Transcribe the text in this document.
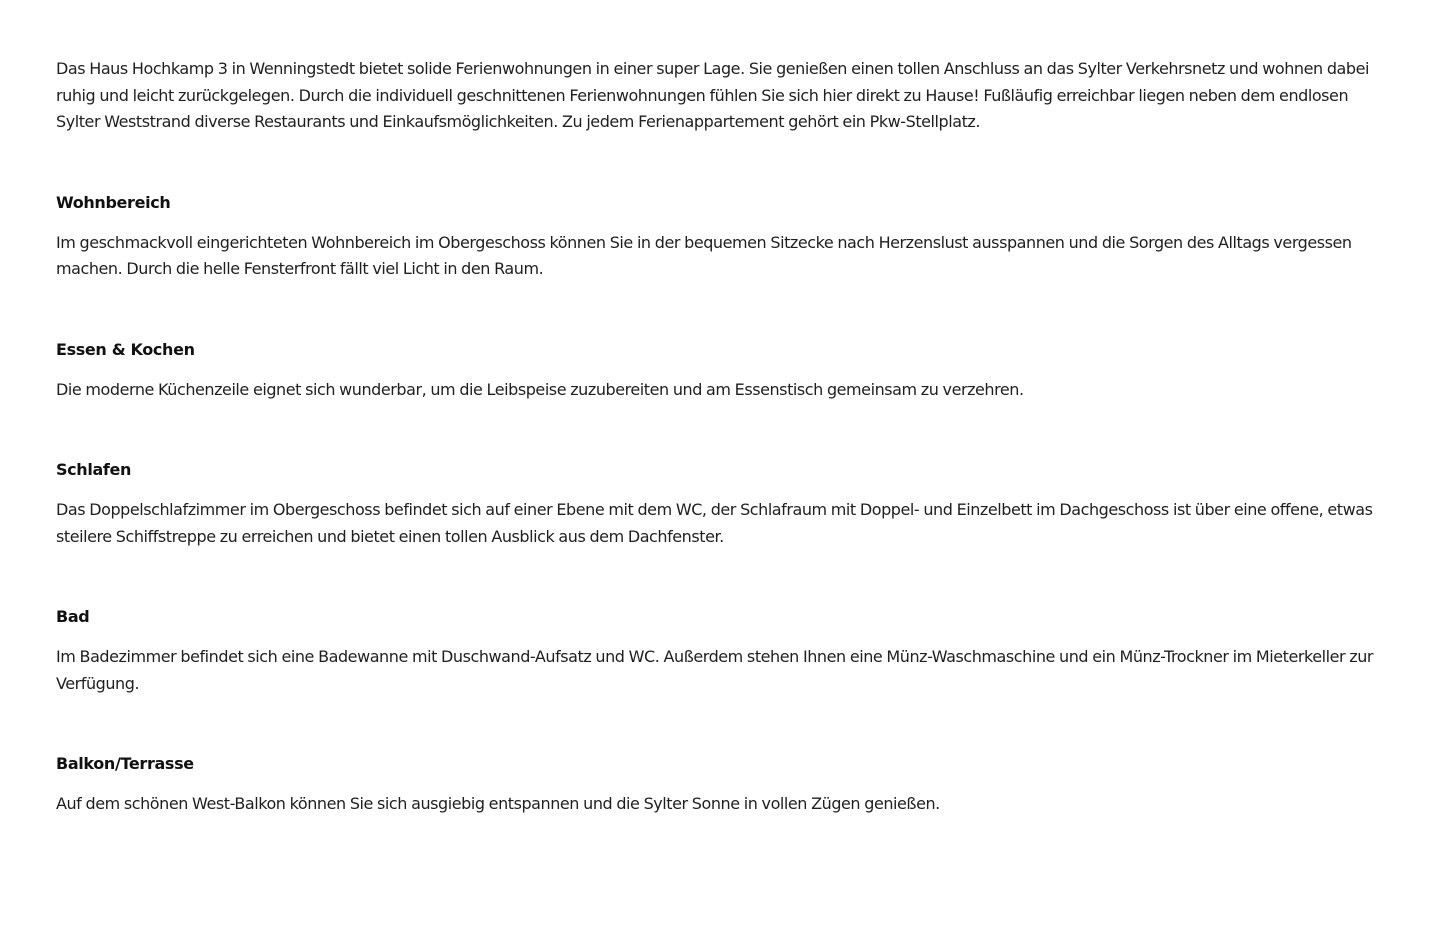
Das Haus Hochkamp 3 in Wenningstedt bietet solide Ferienwohnungen in einer super Lage. Sie genießen einen tollen Anschluss an das Sylter Verkehrsnetz und wohnen dabei ruhig und leicht zurückgelegen. Durch die individuell geschnittenen Ferienwohnungen fühlen Sie sich hier direkt zu Hause! Fußläufig erreichbar liegen neben dem endlosen Sylter Weststrand diverse Restaurants und Einkaufsmöglichkeiten. Zu jedem Ferienappartement gehört ein Pkw-Stellplatz.

Wohnbereich

Im geschmackvoll eingerichteten Wohnbereich im Obergeschoss können Sie in der bequemen Sitzecke nach Herzenslust ausspannen und die Sorgen des Alltags vergessen machen. Durch die helle Fensterfront fällt viel Licht in den Raum.

Essen & Kochen

Die moderne Küchenzeile eignet sich wunderbar, um die Leibspeise zuzubereiten und am Essenstisch gemeinsam zu verzehren.

Schlafen

Das Doppelschlafzimmer im Obergeschoss befindet sich auf einer Ebene mit dem WC, der Schlafraum mit Doppel- und Einzelbett im Dachgeschoss ist über eine offene, etwas steilere Schiffstreppe zu erreichen und bietet einen tollen Ausblick aus dem Dachfenster.

Bad

Im Badezimmer befindet sich eine Badewanne mit Duschwand-Aufsatz und WC. Außerdem stehen Ihnen eine Münz-Waschmaschine und ein Münz-Trockner im Mieterkeller zur Verfügung.

Balkon/Terrasse

Auf dem schönen West-Balkon können Sie sich ausgiebig entspannen und die Sylter Sonne in vollen Zügen genießen.
